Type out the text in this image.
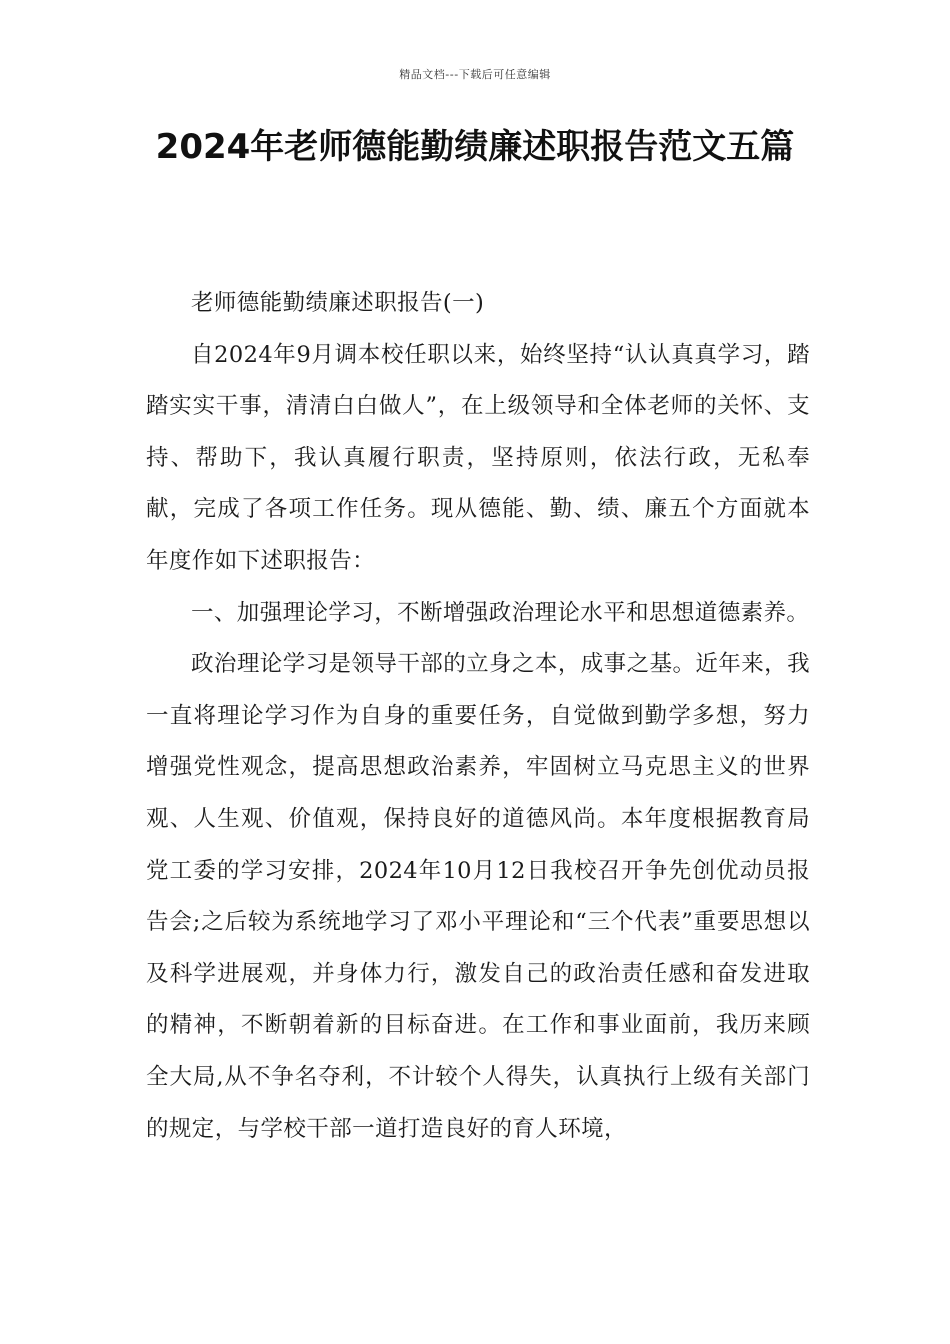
精品文档---下载后可任意编辑
2024年老师德能勤绩廉述职报告范文五篇

老师德能勤绩廉述职报告(一)

自2024年9月调本校任职以来，始终坚持“认认真真学习，踏踏实实干事，清清白白做人”，在上级领导和全体老师的关怀、支持、帮助下，我认真履行职责，坚持原则，依法行政，无私奉献，完成了各项工作任务。现从德能、勤、绩、廉五个方面就本年度作如下述职报告：

一、加强理论学习，不断增强政治理论水平和思想道德素养。

政治理论学习是领导干部的立身之本，成事之基。近年来，我一直将理论学习作为自身的重要任务，自觉做到勤学多想，努力增强党性观念，提高思想政治素养，牢固树立马克思主义的世界观、人生观、价值观，保持良好的道德风尚。本年度根据教育局党工委的学习安排，2024年10月12日我校召开争先创优动员报告会;之后较为系统地学习了邓小平理论和“三个代表”重要思想以及科学进展观，并身体力行，激发自己的政治责任感和奋发进取的精神，不断朝着新的目标奋进。在工作和事业面前，我历来顾全大局,从不争名夺利，不计较个人得失，认真执行上级有关部门的规定，与学校干部一道打造良好的育人环境，
